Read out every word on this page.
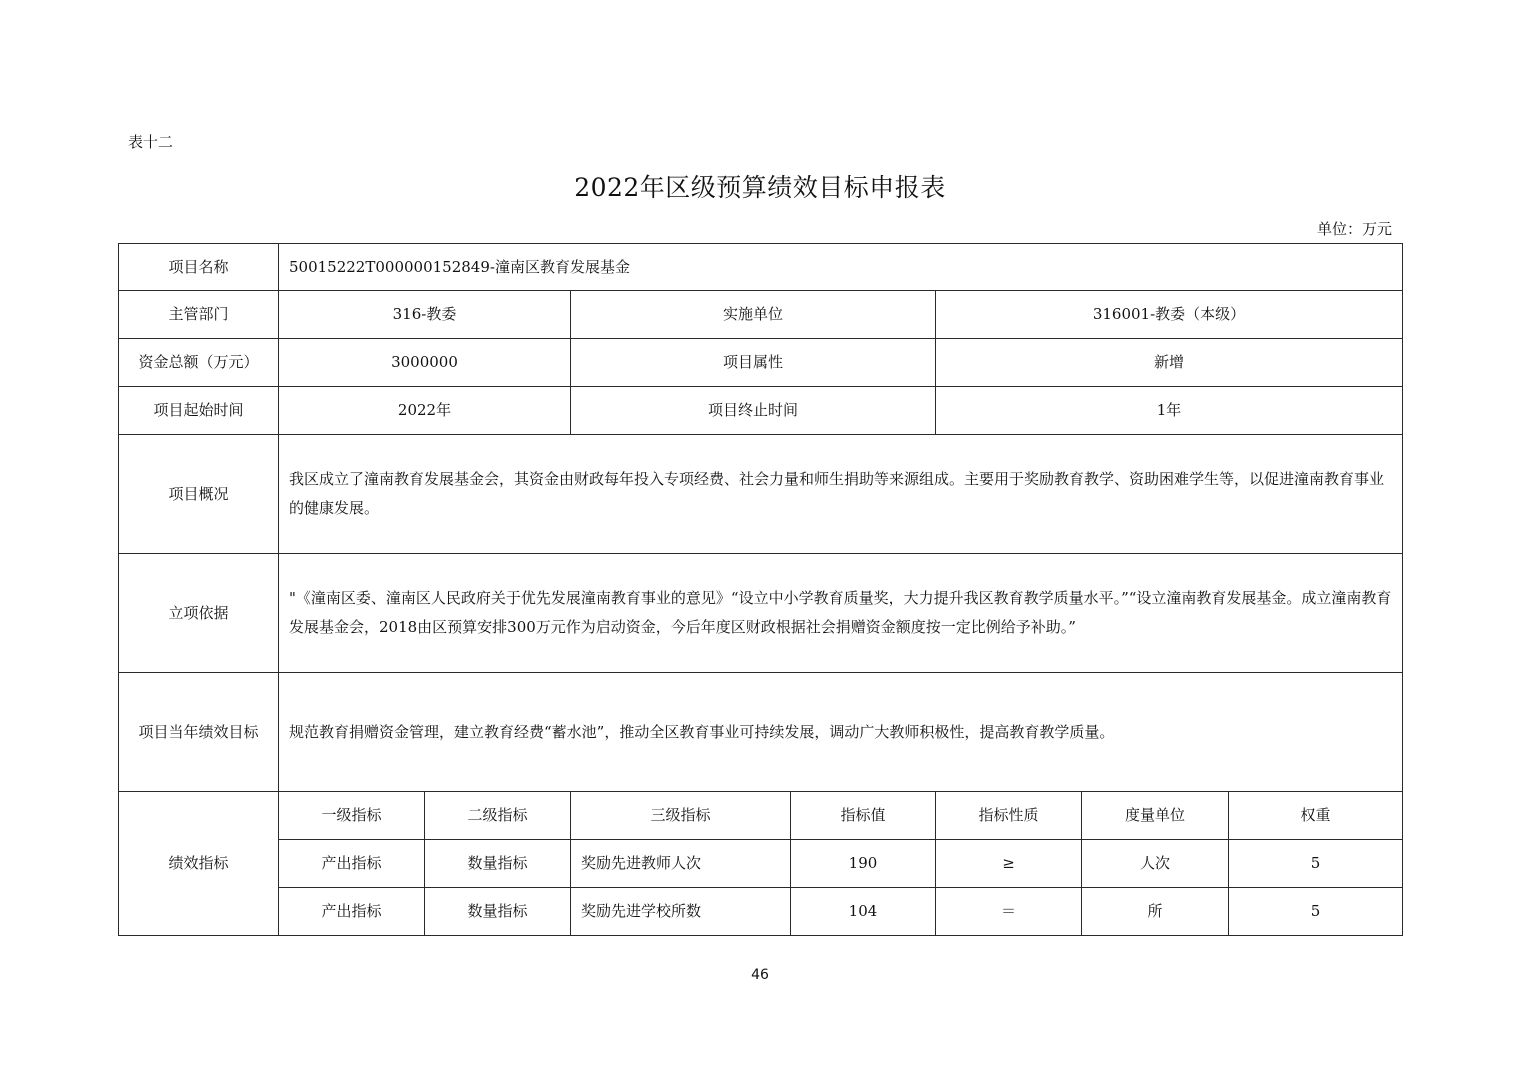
表十二
2022年区级预算绩效目标申报表
单位：万元
项目名称	50015222T000000152849-潼南区教育发展基金
主管部门	316-教委	实施单位	316001-教委（本级）
资金总额（万元）	3000000	项目属性	新增
项目起始时间	2022年	项目终止时间	1年
项目概况
我区成立了潼南教育发展基金会，其资金由财政每年投入专项经费、社会力量和师生捐助等来源组成。主要用于奖励教育教学、资助困难学生等，以促进潼南教育事业的健康发展。
立项依据
"《潼南区委、潼南区人民政府关于优先发展潼南教育事业的意见》“设立中小学教育质量奖，大力提升我区教育教学质量水平。”“设立潼南教育发展基金。成立潼南教育发展基金会，2018由区预算安排300万元作为启动资金，今后年度区财政根据社会捐赠资金额度按一定比例给予补助。”
项目当年绩效目标	规范教育捐赠资金管理，建立教育经费“蓄水池”，推动全区教育事业可持续发展，调动广大教师积极性，提高教育教学质量。
绩效指标
一级指标	二级指标	三级指标	指标值	指标性质	度量单位	权重
产出指标	数量指标	奖励先进教师人次	190	≥	人次	5
产出指标	数量指标	奖励先进学校所数	104	＝	所	5
46
